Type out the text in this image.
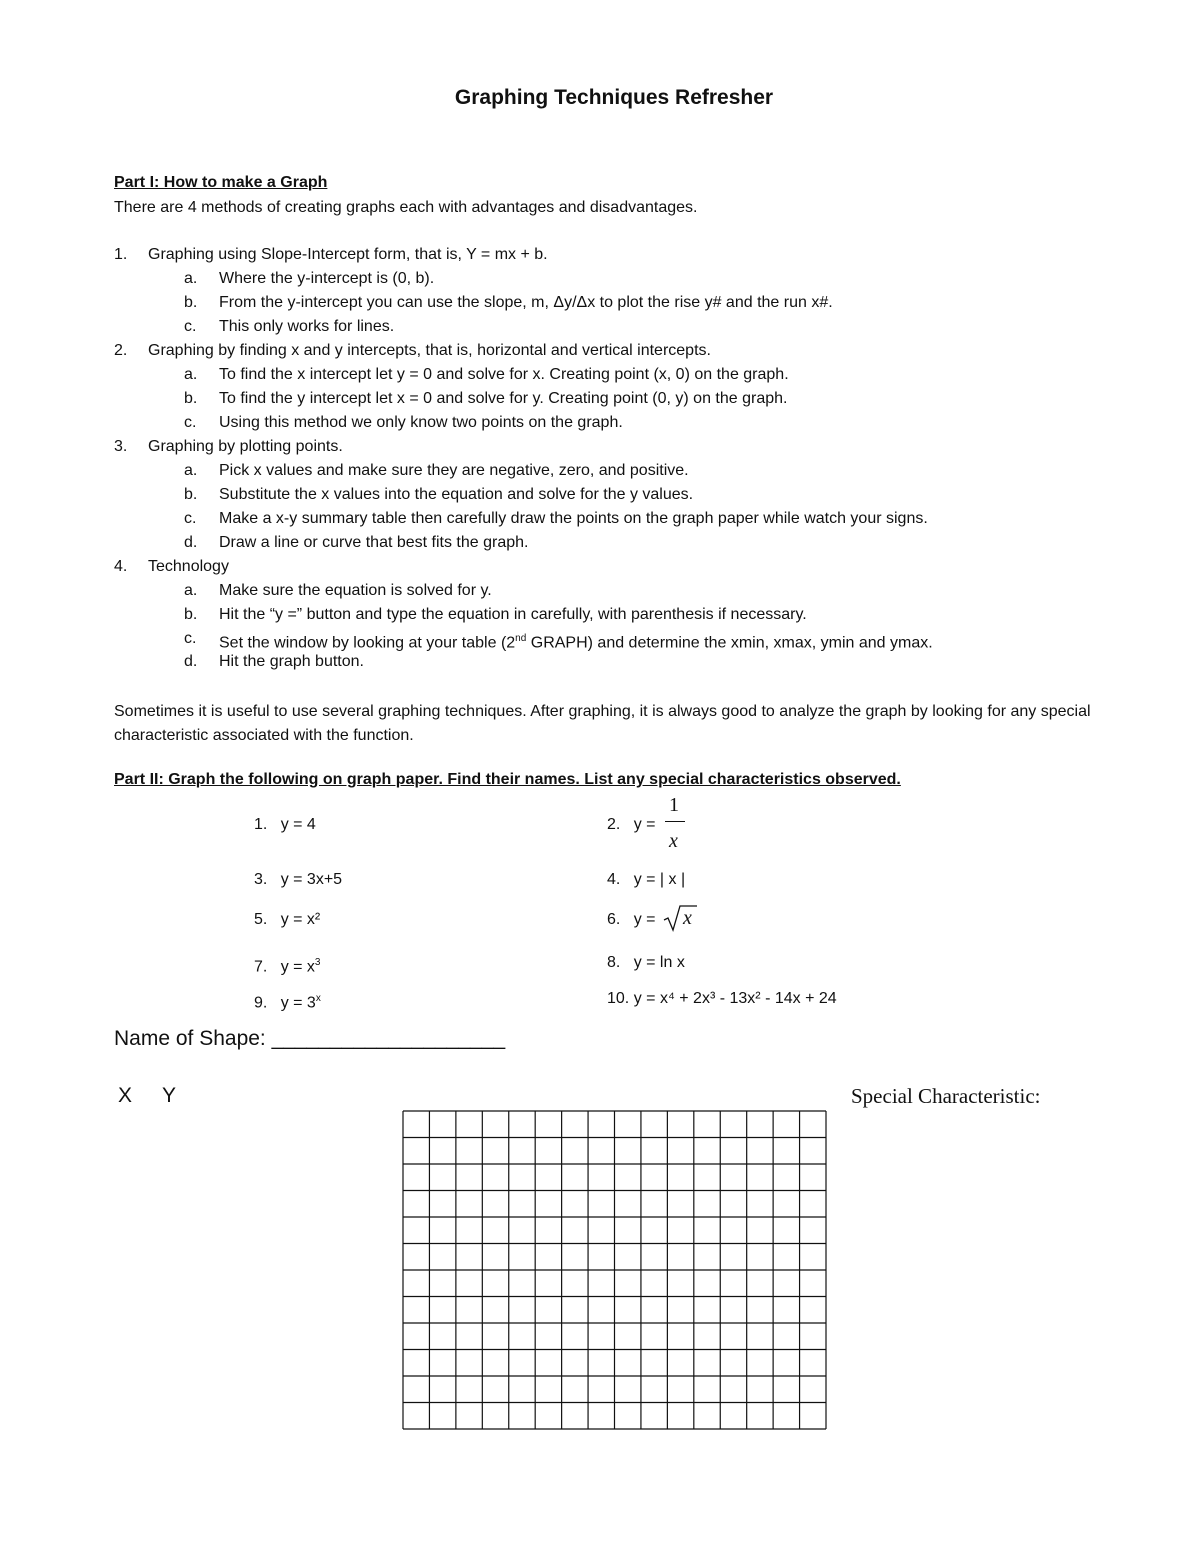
Graphing Techniques Refresher
Part I: How to make a Graph
There are 4 methods of creating graphs each with advantages and disadvantages.
1. Graphing using Slope-Intercept form, that is, Y = mx + b.
a. Where the y-intercept is (0, b).
b. From the y-intercept you can use the slope, m, Δy/Δx to plot the rise y# and the run x#.
c. This only works for lines.
2. Graphing by finding x and y intercepts, that is, horizontal and vertical intercepts.
a. To find the x intercept let y = 0 and solve for x. Creating point (x, 0) on the graph.
b. To find the y intercept let x = 0 and solve for y. Creating point (0, y) on the graph.
c. Using this method we only know two points on the graph.
3. Graphing by plotting points.
a. Pick x values and make sure they are negative, zero, and positive.
b. Substitute the x values into the equation and solve for the y values.
c. Make a x-y summary table then carefully draw the points on the graph paper while watch your signs.
d. Draw a line or curve that best fits the graph.
4. Technology
a. Make sure the equation is solved for y.
b. Hit the “y =” button and type the equation in carefully, with parenthesis if necessary.
c. Set the window by looking at your table (2nd GRAPH) and determine the xmin, xmax, ymin and ymax.
d. Hit the graph button.
Sometimes it is useful to use several graphing techniques. After graphing, it is always good to analyze the graph by looking for any special characteristic associated with the function.
Part II: Graph the following on graph paper. Find their names. List any special characteristics observed.
1. y = 4	2. y =
1
x
3. y = 3x+5	4. y = | x |
5. y = x²	6. y = x
7. $y = x^3$	8. y = ln x
9. $y = 3^x$	10. y = x⁴ + 2x³ - 13x² - 14x + 24
Name of Shape: ____________________
X Y	Special Characteristic:
